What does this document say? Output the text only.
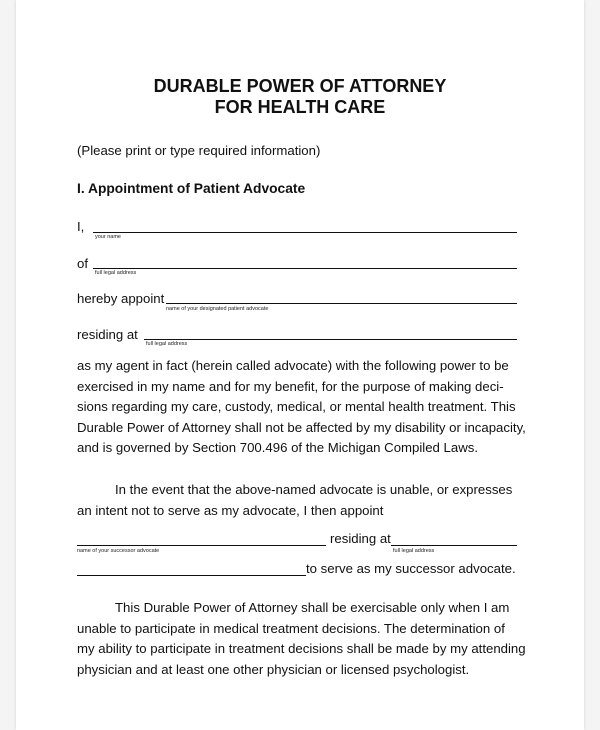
DURABLE POWER OF ATTORNEY
FOR HEALTH CARE
(Please print or type required information)
I. Appointment of Patient Advocate
I,
your name
of
full legal address
hereby appoint
name of your designated patient advocate
residing at
full legal address
as my agent in fact (herein called advocate) with the following power to be
exercised in my name and for my benefit, for the purpose of making deci-
sions regarding my care, custody, medical, or mental health treatment. This
Durable Power of Attorney shall not be affected by my disability or incapacity,
and is governed by Section 700.496 of the Michigan Compiled Laws.
In the event that the above-named advocate is unable, or expresses
an intent not to serve as my advocate, I then appoint
name of your successor advocate
residing at
full legal address
to serve as my successor advocate.
This Durable Power of Attorney shall be exercisable only when I am
unable to participate in medical treatment decisions. The determination of
my ability to participate in treatment decisions shall be made by my attending
physician and at least one other physician or licensed psychologist.
